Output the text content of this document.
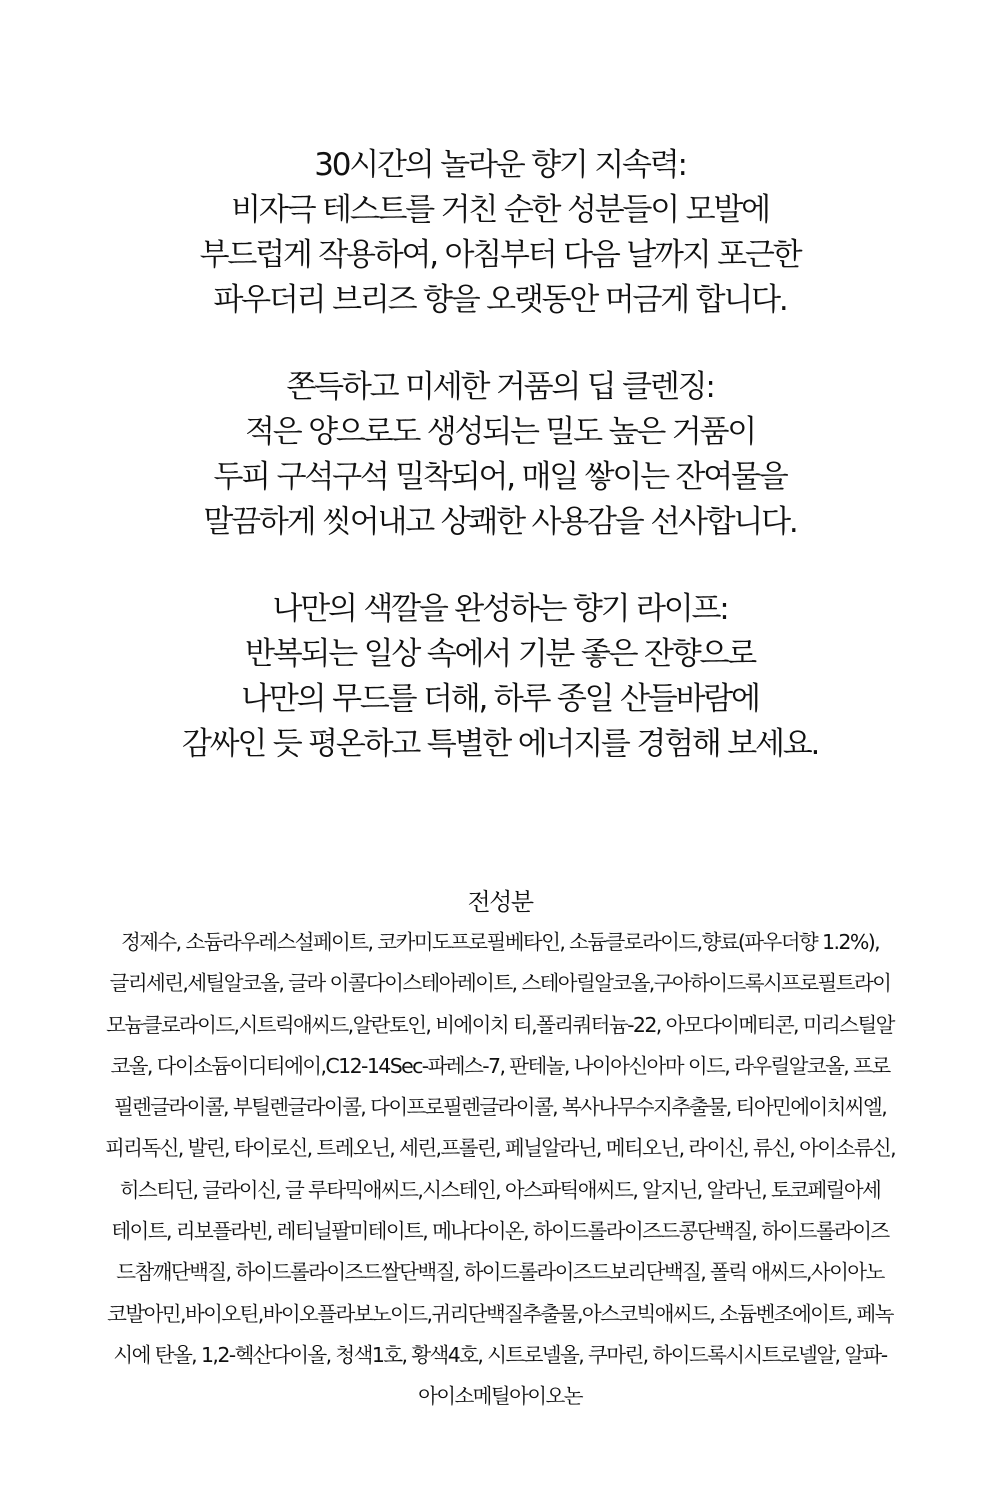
30시간의 놀라운 향기 지속력:
비자극 테스트를 거친 순한 성분들이 모발에
부드럽게 작용하여, 아침부터 다음 날까지 포근한
파우더리 브리즈 향을 오랫동안 머금게 합니다.
쫀득하고 미세한 거품의 딥 클렌징:
적은 양으로도 생성되는 밀도 높은 거품이
두피 구석구석 밀착되어, 매일 쌓이는 잔여물을
말끔하게 씻어내고 상쾌한 사용감을 선사합니다.
나만의 색깔을 완성하는 향기 라이프:
반복되는 일상 속에서 기분 좋은 잔향으로
나만의 무드를 더해, 하루 종일 산들바람에
감싸인 듯 평온하고 특별한 에너지를 경험해 보세요.
전성분
정제수, 소듐라우레스설페이트, 코카미도프로필베타인, 소듐클로라이드,향료(파우더향 1.2%),
글리세린,세틸알코올, 글라 이콜다이스테아레이트, 스테아릴알코올,구아하이드록시프로필트라이
모늄클로라이드,시트릭애씨드,알란토인, 비에이치 티,폴리쿼터늄-22, 아모다이메티콘, 미리스틸알
코올, 다이소듐이디티에이,C12-14Sec-파레스-7, 판테놀, 나이아신아마 이드, 라우릴알코올, 프로
필렌글라이콜, 부틸렌글라이콜, 다이프로필렌글라이콜, 복사나무수지추출물, 티아민에이치씨엘,
피리독신, 발린, 타이로신, 트레오닌, 세린,프롤린, 페닐알라닌, 메티오닌, 라이신, 류신, 아이소류신,
히스티딘, 글라이신, 글 루타믹애씨드,시스테인, 아스파틱애씨드, 알지닌, 알라닌, 토코페릴아세
테이트, 리보플라빈, 레티닐팔미테이트, 메나다이온, 하이드롤라이즈드콩단백질, 하이드롤라이즈
드참깨단백질, 하이드롤라이즈드쌀단백질, 하이드롤라이즈드보리단백질, 폴릭 애씨드,사이아노
코발아민,바이오틴,바이오플라보노이드,귀리단백질추출물,아스코빅애씨드, 소듐벤조에이트, 페녹
시에 탄올, 1,2-헥산다이올, 청색1호, 황색4호, 시트로넬올, 쿠마린, 하이드록시시트로넬알, 알파-
아이소메틸아이오논
